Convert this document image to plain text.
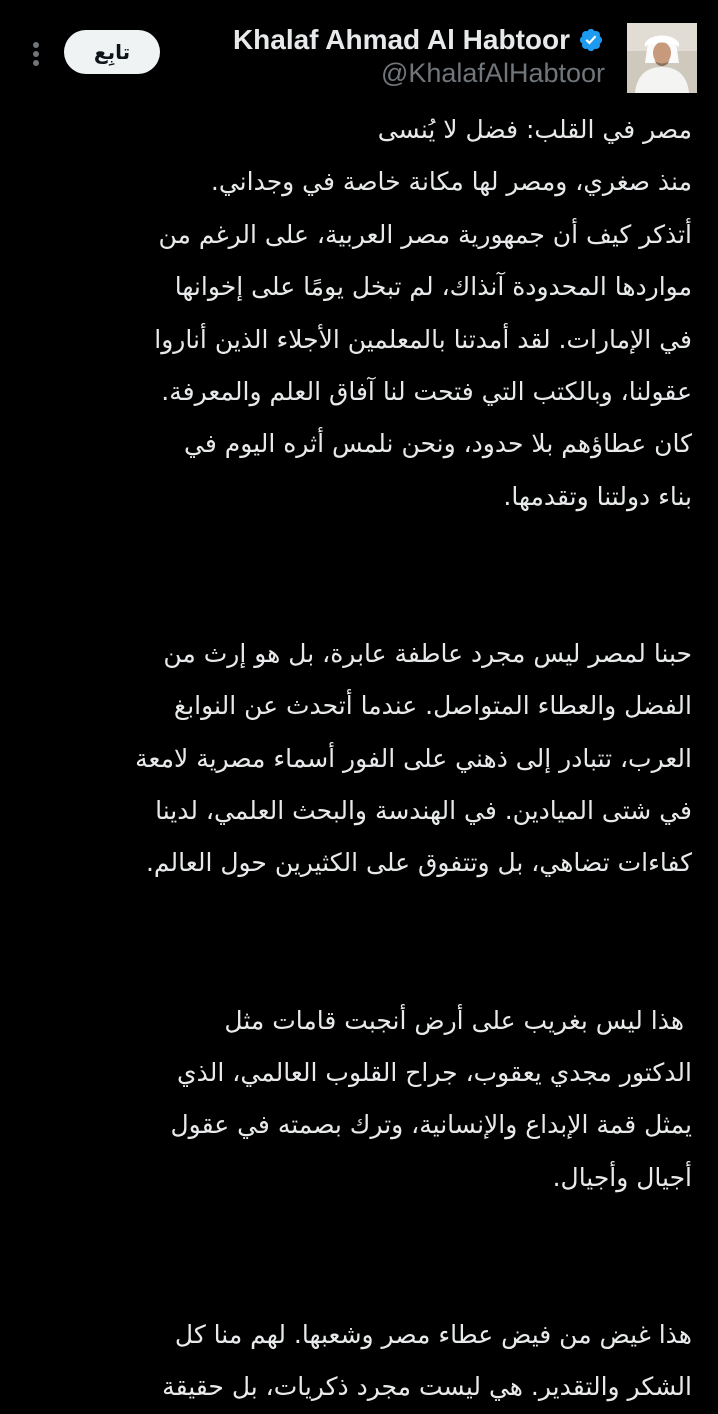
تابِع	Khalaf Ahmad Al Habtoor
@KhalafAlHabtoor

مصر في القلب: فضل لا يُنسى

منذ صغري، ومصر لها مكانة خاصة في وجداني.

أتذكر كيف أن جمهورية مصر العربية، على الرغم من

مواردها المحدودة آنذاك، لم تبخل يومًا على إخوانها

في الإمارات. لقد أمدتنا بالمعلمين الأجلاء الذين أناروا

عقولنا، وبالكتب التي فتحت لنا آفاق العلم والمعرفة.

كان عطاؤهم بلا حدود، ونحن نلمس أثره اليوم في

بناء دولتنا وتقدمها.

حبنا لمصر ليس مجرد عاطفة عابرة، بل هو إرث من

الفضل والعطاء المتواصل. عندما أتحدث عن النوابغ

العرب، تتبادر إلى ذهني على الفور أسماء مصرية لامعة

في شتى الميادين. في الهندسة والبحث العلمي، لدينا

كفاءات تضاهي، بل وتتفوق على الكثيرين حول العالم.

هذا ليس بغريب على أرض أنجبت قامات مثل

الدكتور مجدي يعقوب، جراح القلوب العالمي، الذي

يمثل قمة الإبداع والإنسانية، وترك بصمته في عقول

أجيال وأجيال.

هذا غيض من فيض عطاء مصر وشعبها. لهم منا كل

الشكر والتقدير. هي ليست مجرد ذكريات، بل حقيقة
